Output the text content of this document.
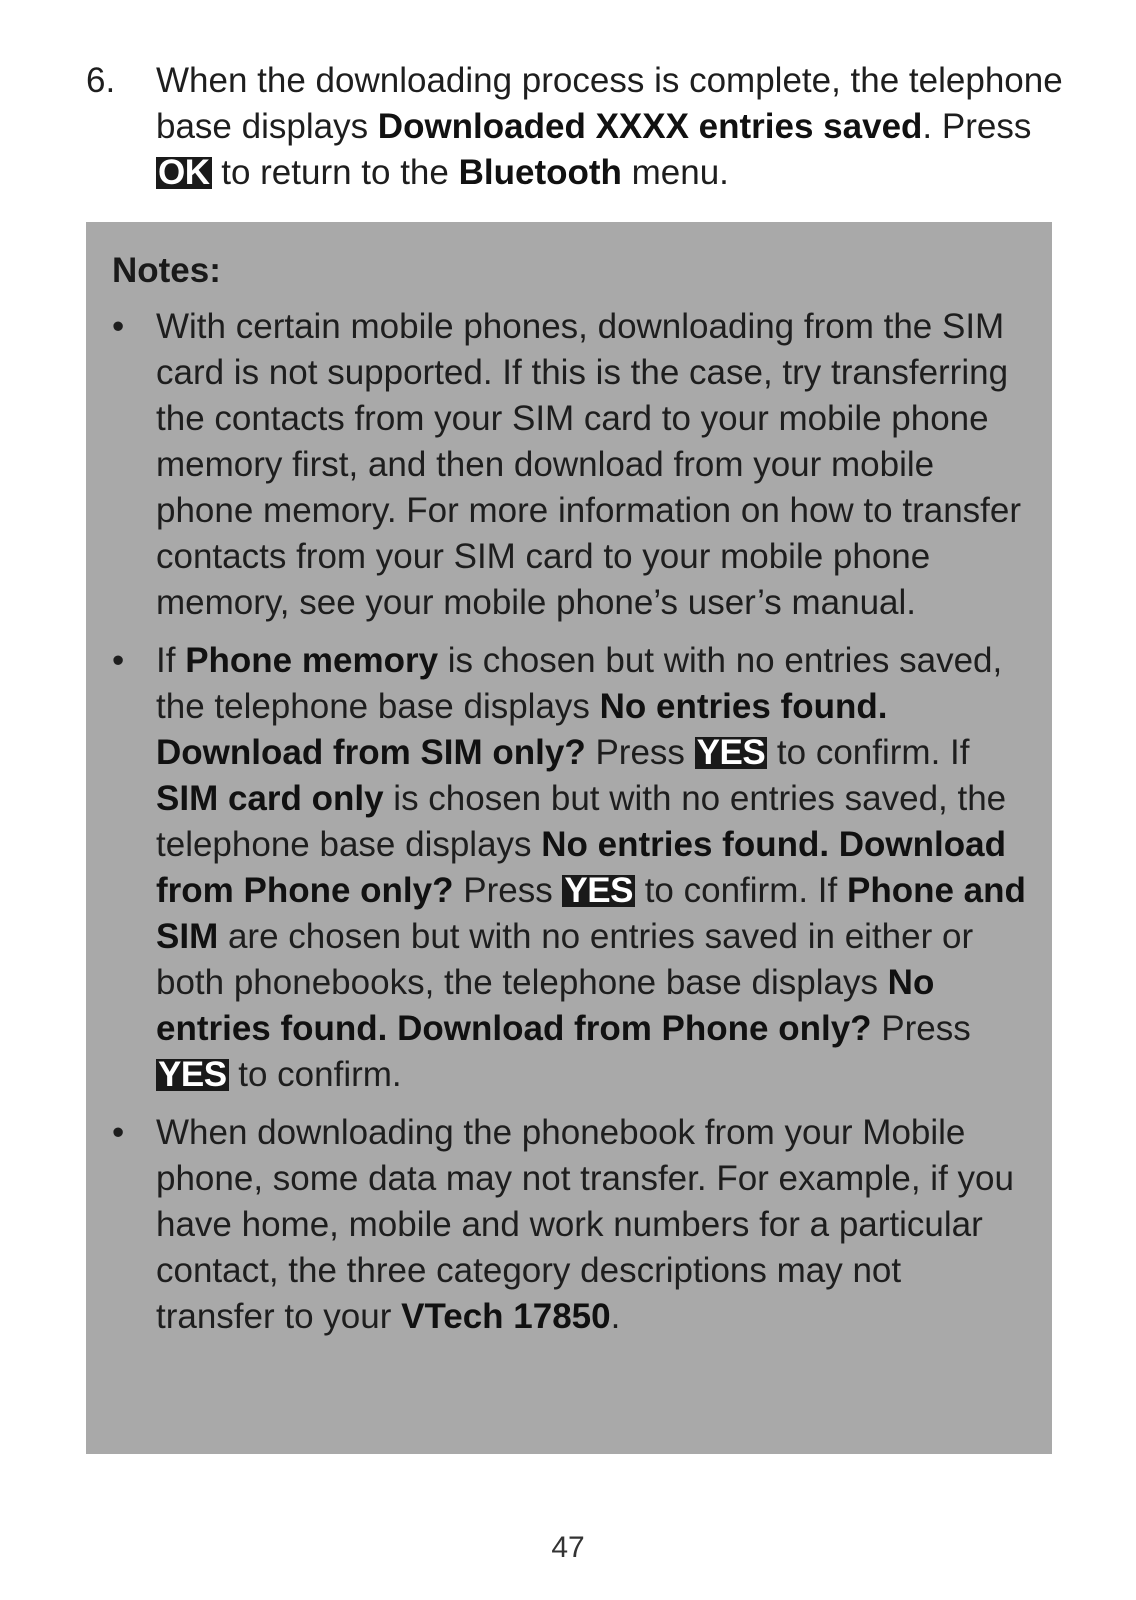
6. When the downloading process is complete, the telephone base displays Downloaded XXXX entries saved. Press OK to return to the Bluetooth menu.
Notes:
• With certain mobile phones, downloading from the SIM card is not supported. If this is the case, try transferring the contacts from your SIM card to your mobile phone memory first, and then download from your mobile phone memory. For more information on how to transfer contacts from your SIM card to your mobile phone memory, see your mobile phone’s user’s manual.
• If Phone memory is chosen but with no entries saved, the telephone base displays No entries found. Download from SIM only? Press YES to confirm. If SIM card only is chosen but with no entries saved, the telephone base displays No entries found. Download from Phone only? Press YES to confirm. If Phone and SIM are chosen but with no entries saved in either or both phonebooks, the telephone base displays No entries found. Download from Phone only? Press YES to confirm.
• When downloading the phonebook from your Mobile phone, some data may not transfer. For example, if you have home, mobile and work numbers for a particular contact, the three category descriptions may not transfer to your VTech 17850.
47
